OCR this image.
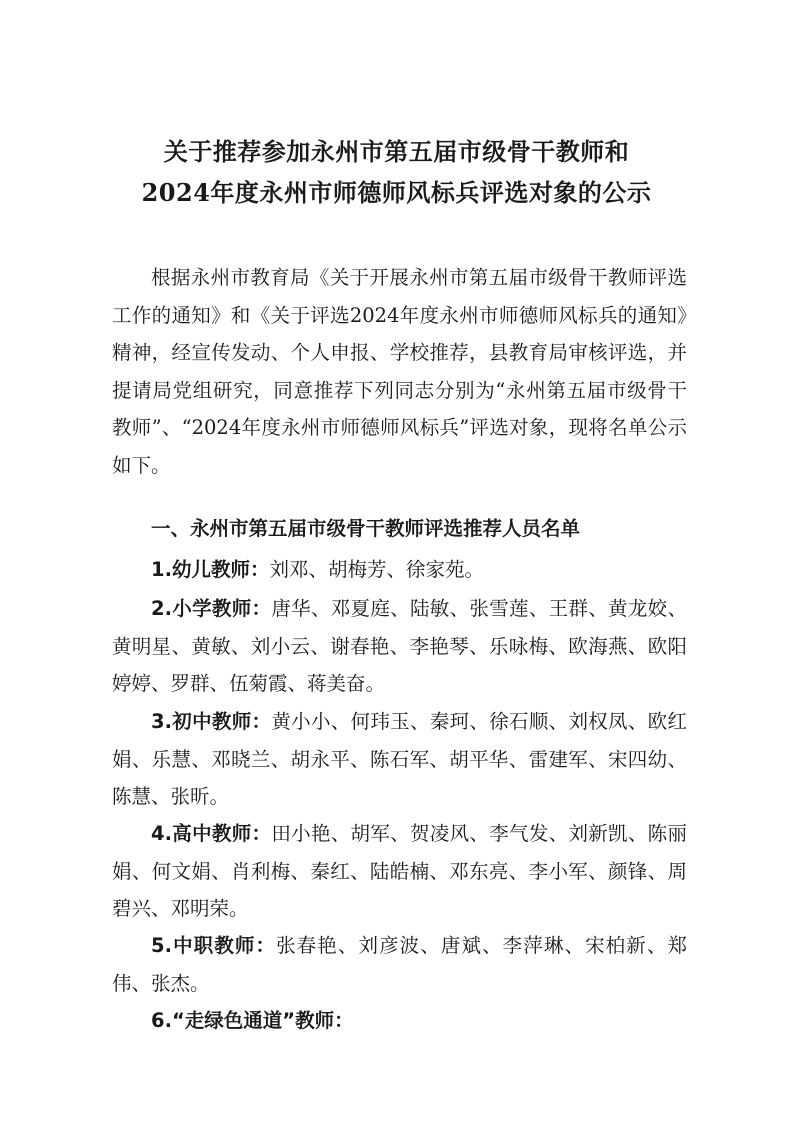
关于推荐参加永州市第五届市级骨干教师和
2024年度永州市师德师风标兵评选对象的公示

根据永州市教育局《关于开展永州市第五届市级骨干教师评选工作的通知》和《关于评选2024年度永州市师德师风标兵的通知》精神，经宣传发动、个人申报、学校推荐，县教育局审核评选，并提请局党组研究，同意推荐下列同志分别为“永州第五届市级骨干教师”、“2024年度永州市师德师风标兵”评选对象，现将名单公示如下。

一、永州市第五届市级骨干教师评选推荐人员名单

1.幼儿教师：刘邓、胡梅芳、徐家苑。

2.小学教师：唐华、邓夏庭、陆敏、张雪莲、王群、黄龙姣、黄明星、黄敏、刘小云、谢春艳、李艳琴、乐咏梅、欧海燕、欧阳婷婷、罗群、伍菊霞、蒋美奋。

3.初中教师：黄小小、何玮玉、秦珂、徐石顺、刘权凤、欧红娟、乐慧、邓晓兰、胡永平、陈石军、胡平华、雷建军、宋四幼、陈慧、张昕。

4.高中教师：田小艳、胡军、贺凌风、李气发、刘新凯、陈丽娟、何文娟、肖利梅、秦红、陆皓楠、邓东亮、李小军、颜锋、周碧兴、邓明荣。

5.中职教师：张春艳、刘彦波、唐斌、李萍琳、宋柏新、郑伟、张杰。

6.“走绿色通道”教师：
